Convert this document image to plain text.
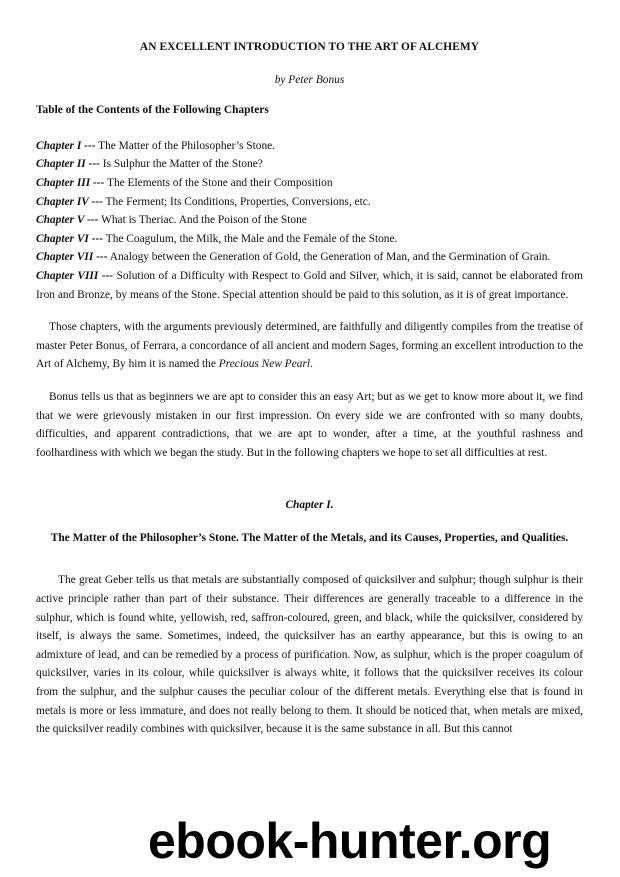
AN EXCELLENT INTRODUCTION TO THE ART OF ALCHEMY
by Peter Bonus
Table of the Contents of the Following Chapters
Chapter I --- The Matter of the Philosopher’s Stone.
Chapter II --- Is Sulphur the Matter of the Stone?
Chapter III --- The Elements of the Stone and their Composition
Chapter IV --- The Ferment; Its Conditions, Properties, Conversions, etc.
Chapter V --- What is Theriac. And the Poison of the Stone
Chapter VI --- The Coagulum, the Milk, the Male and the Female of the Stone.
Chapter VII --- Analogy between the Generation of Gold, the Generation of Man, and the Germination of Grain.
Chapter VIII --- Solution of a Difficulty with Respect to Gold and Silver, which, it is said, cannot be elaborated from Iron and Bronze, by means of the Stone. Special attention should be paid to this solution, as it is of great importance.

Those chapters, with the arguments previously determined, are faithfully and diligently compiles from the treatise of master Peter Bonus, of Ferrara, a concordance of all ancient and modern Sages, forming an excellent introduction to the Art of Alchemy, By him it is named the Precious New Pearl.

Bonus tells us that as beginners we are apt to consider this an easy Art; but as we get to know more about it, we find that we were grievously mistaken in our first impression. On every side we are confronted with so many doubts, difficulties, and apparent contradictions, that we are apt to wonder, after a time, at the youthful rashness and foolhardiness with which we began the study. But in the following chapters we hope to set all difficulties at rest.

Chapter I.
The Matter of the Philosopher’s Stone. The Matter of the Metals, and its Causes, Properties, and Qualities.

The great Geber tells us that metals are substantially composed of quicksilver and sulphur; though sulphur is their active principle rather than part of their substance. Their differences are generally traceable to a difference in the sulphur, which is found white, yellowish, red, saffron-coloured, green, and black, while the quicksilver, considered by itself, is always the same. Sometimes, indeed, the quicksilver has an earthy appearance, but this is owing to an admixture of lead, and can be remedied by a process of purification. Now, as sulphur, which is the proper coagulum of quicksilver, varies in its colour, while quicksilver is always white, it follows that the quicksilver receives its colour from the sulphur, and the sulphur causes the peculiar colour of the different metals. Everything else that is found in metals is more or less immature, and does not really belong to them. It should be noticed that, when metals are mixed, the quicksilver readily combines with quicksilver, because it is the same substance in all. But this cannot

ebook-hunter.org
